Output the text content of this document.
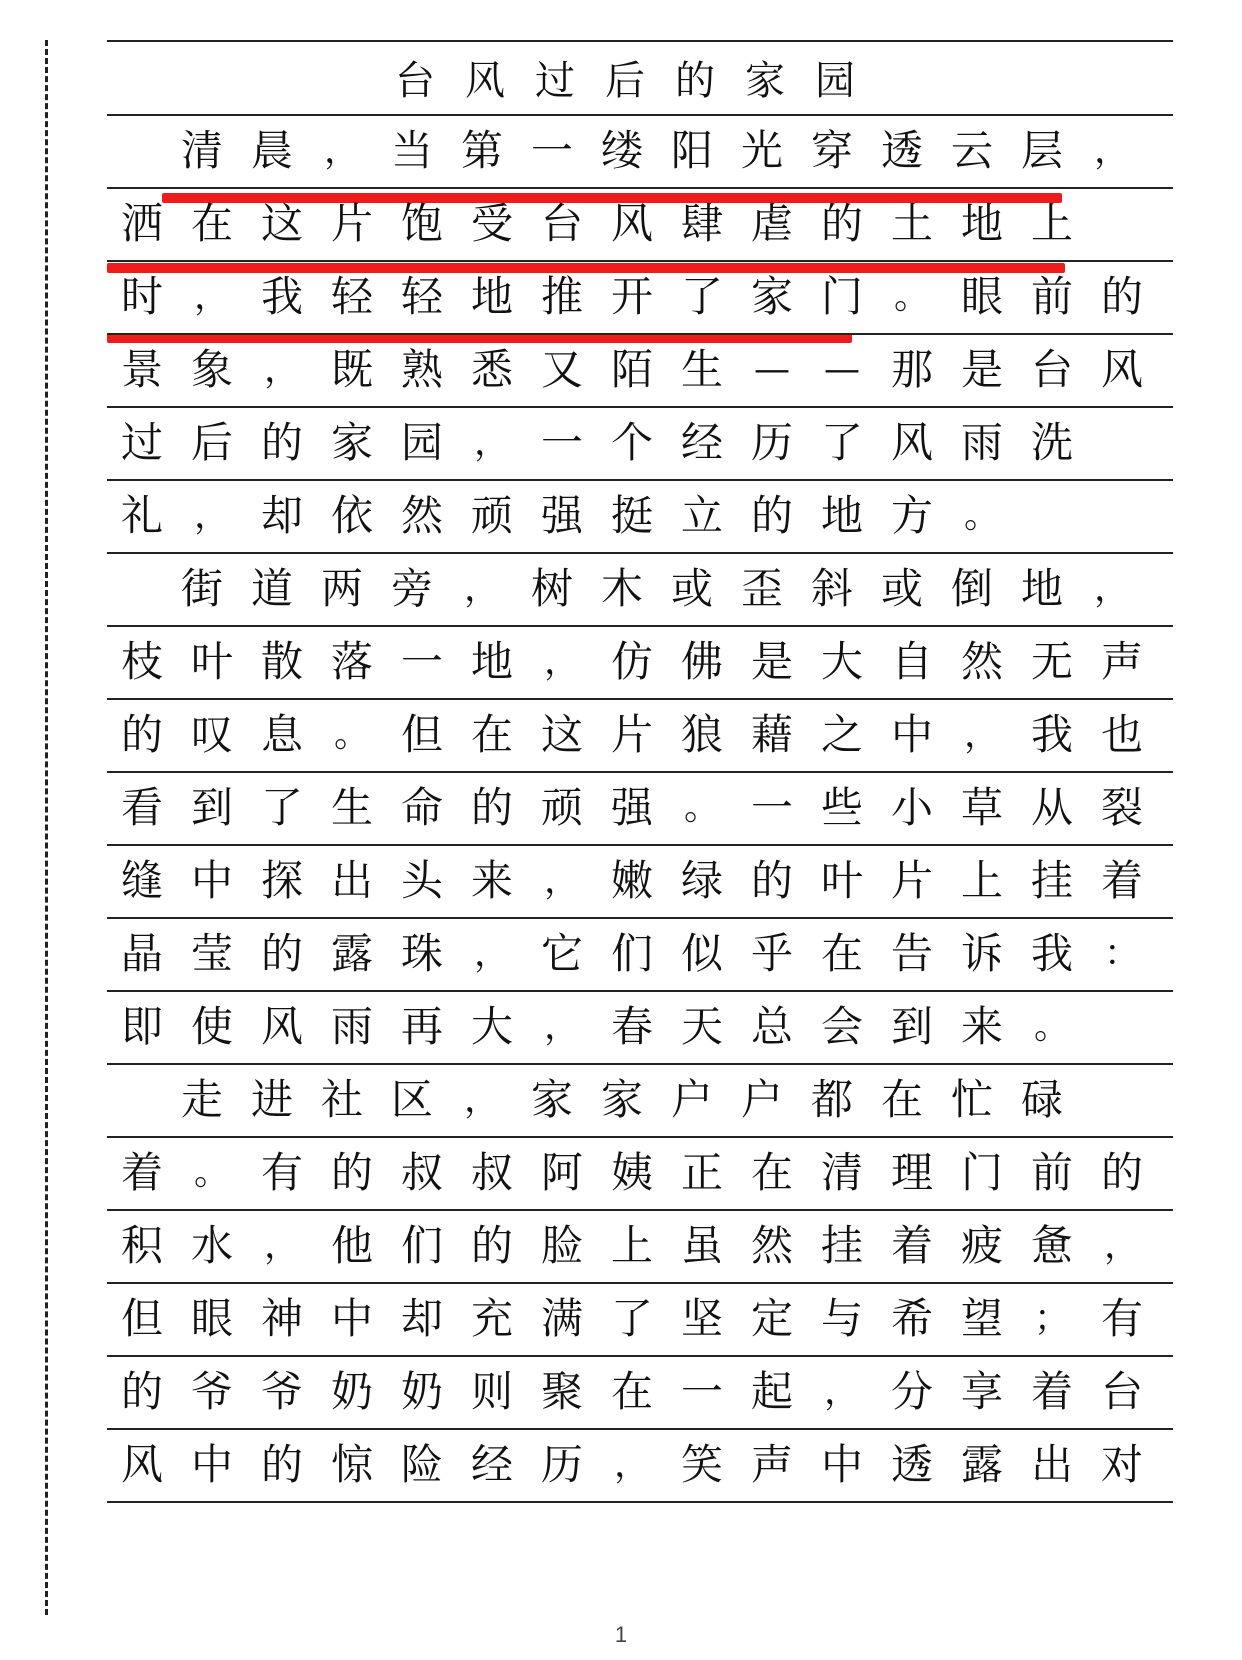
台风过后的家园

清 晨 ， 当 第 一 缕 阳 光 穿 透 云 层 ，
洒 在 这 片 饱 受 台 风 肆 虐 的 土 地 上
时 ， 我 轻 轻 地 推 开 了 家 门 。 眼 前 的
景 象 ， 既 熟 悉 又 陌 生 — — 那 是 台 风
过 后 的 家 园 ， 一 个 经 历 了 风 雨 洗
礼 ， 却 依 然 顽 强 挺 立 的 地 方 。

街 道 两 旁 ， 树 木 或 歪 斜 或 倒 地 ，
枝 叶 散 落 一 地 ， 仿 佛 是 大 自 然 无 声
的 叹 息 。 但 在 这 片 狼 藉 之 中 ， 我 也
看 到 了 生 命 的 顽 强 。 一 些 小 草 从 裂
缝 中 探 出 头 来 ， 嫩 绿 的 叶 片 上 挂 着
晶 莹 的 露 珠 ， 它 们 似 乎 在 告 诉 我 ：
即 使 风 雨 再 大 ， 春 天 总 会 到 来 。

走 进 社 区 ， 家 家 户 户 都 在 忙 碌
着 。 有 的 叔 叔 阿 姨 正 在 清 理 门 前 的
积 水 ， 他 们 的 脸 上 虽 然 挂 着 疲 惫 ，
但 眼 神 中 却 充 满 了 坚 定 与 希 望 ； 有
的 爷 爷 奶 奶 则 聚 在 一 起 ， 分 享 着 台
风 中 的 惊 险 经 历 ， 笑 声 中 透 露 出 对
1
